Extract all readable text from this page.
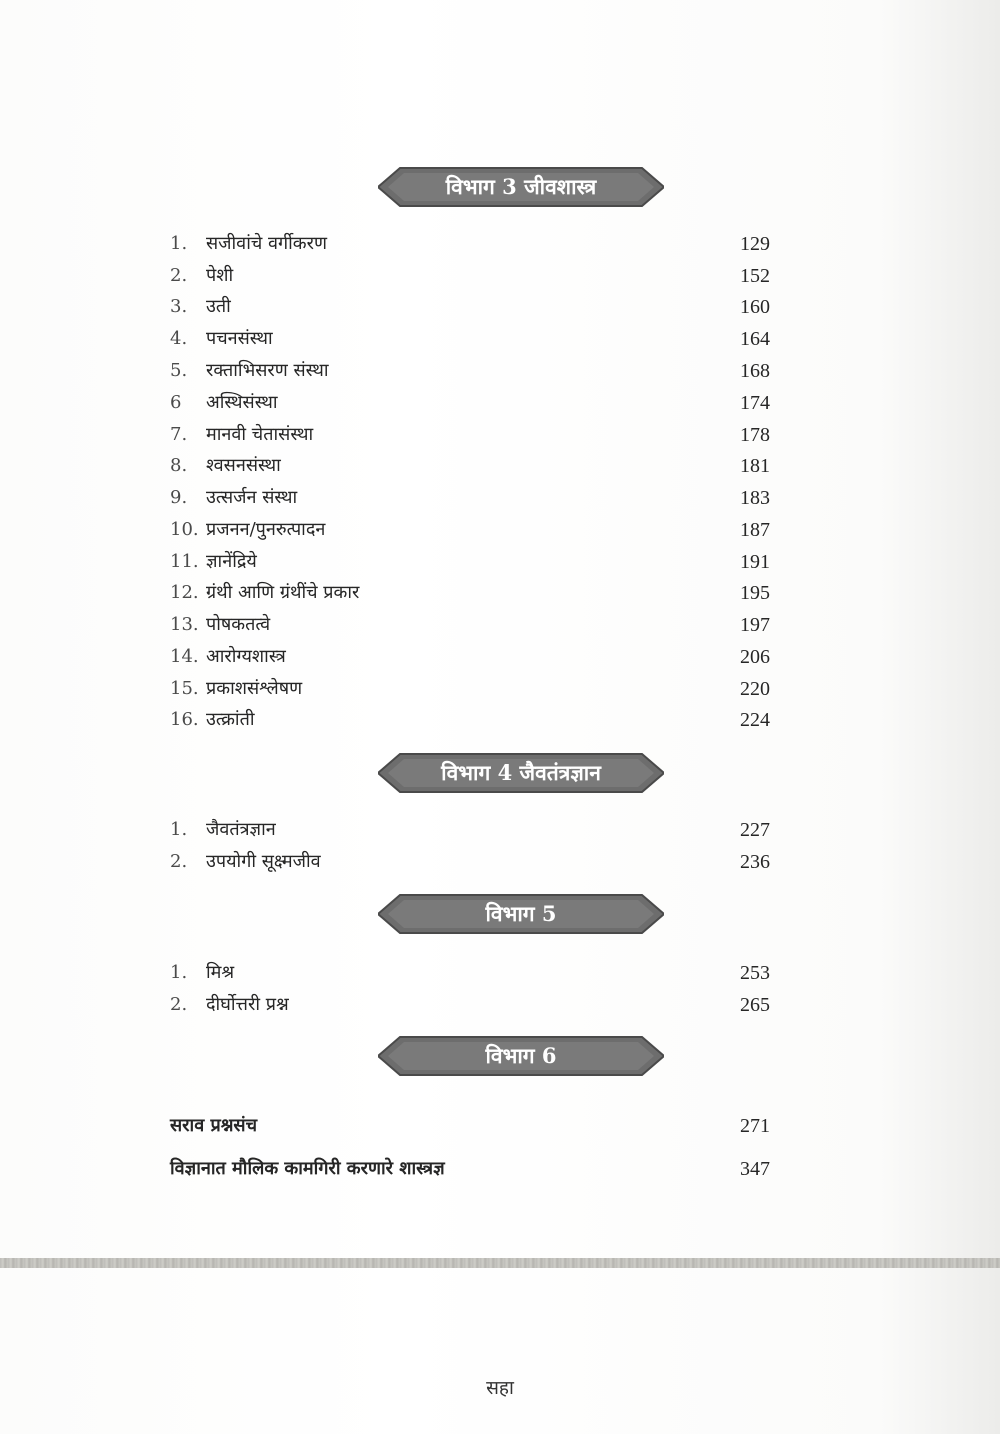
विभाग 3 जीवशास्त्र
1. सजीवांचे वर्गीकरण	129
2. पेशी	152
3. उती	160
4. पचनसंस्था	164
5. रक्ताभिसरण संस्था	168
6 अस्थिसंस्था	174
7. मानवी चेतासंस्था	178
8. श्वसनसंस्था	181
9. उत्सर्जन संस्था	183
10. प्रजनन/पुनरुत्पादन	187
11. ज्ञानेंद्रिये	191
12. ग्रंथी आणि ग्रंथींचे प्रकार	195
13. पोषकतत्वे	197
14. आरोग्यशास्त्र	206
15. प्रकाशसंश्लेषण	220
16. उत्क्रांती	224
विभाग 4 जैवतंत्रज्ञान
1. जैवतंत्रज्ञान	227
2. उपयोगी सूक्ष्मजीव	236
विभाग 5
1. मिश्र	253
2. दीर्घोत्तरी प्रश्न	265
विभाग 6
सराव प्रश्नसंच	271
विज्ञानात मौलिक कामगिरी करणारे शास्त्रज्ञ	347
सहा
